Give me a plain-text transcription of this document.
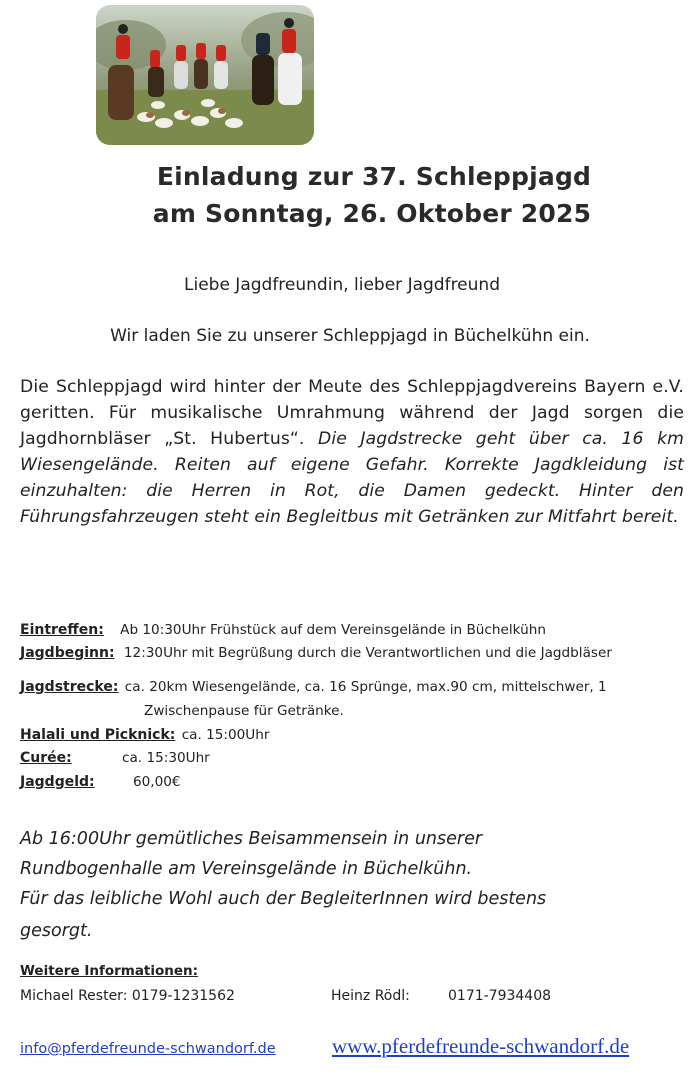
Einladung zur 37. Schleppjagd
am Sonntag, 26. Oktober 2025
Liebe Jagdfreundin, lieber Jagdfreund
Wir laden Sie zu unserer Schleppjagd in Büchelkühn ein.
Die Schleppjagd wird hinter der Meute des Schleppjagdvereins Bayern e.V. geritten. Für musikalische Umrahmung während der Jagd sorgen die Jagdhornbläser „St. Hubertus“. Die Jagdstrecke geht über ca. 16 km Wiesengelände. Reiten auf eigene Gefahr. Korrekte Jagdkleidung ist einzuhalten: die Herren in Rot, die Damen gedeckt. Hinter den Führungsfahrzeugen steht ein Begleitbus mit Getränken zur Mitfahrt bereit.
Eintreffen: Ab 10:30Uhr Frühstück auf dem Vereinsgelände in Büchelkühn
Jagdbeginn: 12:30Uhr mit Begrüßung durch die Verantwortlichen und die Jagdbläser
Jagdstrecke: ca. 20km Wiesengelände, ca. 16 Sprünge, max.90 cm, mittelschwer, 1
Zwischenpause für Getränke.
Halali und Picknick: ca. 15:00Uhr
Curée:	ca. 15:30Uhr
Jagdgeld:	60,00€
Ab 16:00Uhr gemütliches Beisammensein in unserer
Rundbogenhalle am Vereinsgelände in Büchelkühn.
Für das leibliche Wohl auch der BegleiterInnen wird bestens
gesorgt.
Weitere Informationen:
Michael Rester: 0179-1231562	Heinz Rödl:	0171-7934408
info@pferdefreunde-schwandorf.de	www.pferdefreunde-schwandorf.de
